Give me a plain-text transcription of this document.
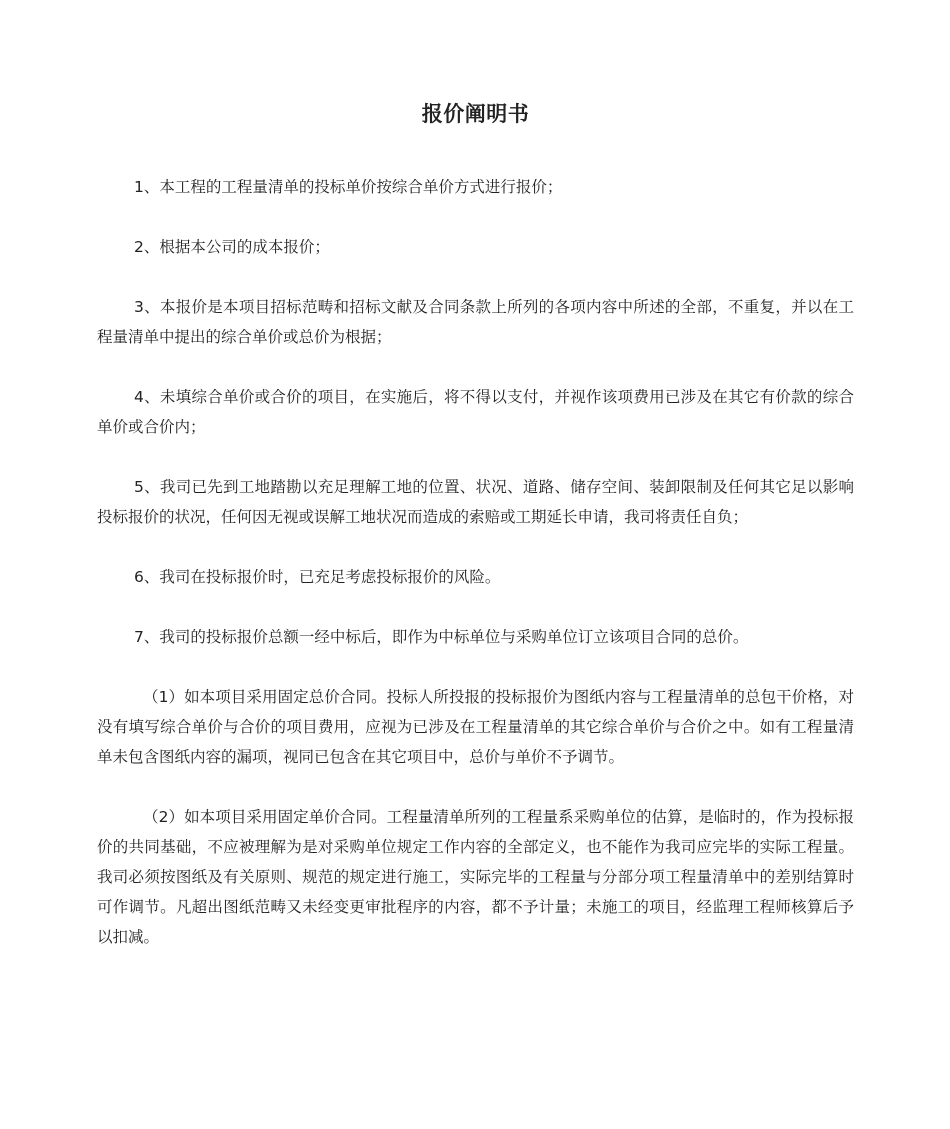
报价阐明书

1、本工程的工程量清单的投标单价按综合单价方式进行报价；

2、根据本公司的成本报价；

3、本报价是本项目招标范畴和招标文献及合同条款上所列的各项内容中所述的全部，不重复，并以在工程量清单中提出的综合单价或总价为根据；

4、未填综合单价或合价的项目，在实施后，将不得以支付，并视作该项费用已涉及在其它有价款的综合单价或合价内；

5、我司已先到工地踏勘以充足理解工地的位置、状况、道路、储存空间、装卸限制及任何其它足以影响投标报价的状况，任何因无视或误解工地状况而造成的索赔或工期延长申请，我司将责任自负；

6、我司在投标报价时，已充足考虑投标报价的风险。

7、我司的投标报价总额一经中标后，即作为中标单位与采购单位订立该项目合同的总价。

（1）如本项目采用固定总价合同。投标人所投报的投标报价为图纸内容与工程量清单的总包干价格，对没有填写综合单价与合价的项目费用，应视为已涉及在工程量清单的其它综合单价与合价之中。如有工程量清单未包含图纸内容的漏项，视同已包含在其它项目中，总价与单价不予调节。

（2）如本项目采用固定单价合同。工程量清单所列的工程量系采购单位的估算，是临时的，作为投标报价的共同基础，不应被理解为是对采购单位规定工作内容的全部定义，也不能作为我司应完毕的实际工程量。我司必须按图纸及有关原则、规范的规定进行施工，实际完毕的工程量与分部分项工程量清单中的差别结算时可作调节。凡超出图纸范畴又未经变更审批程序的内容，都不予计量；未施工的项目，经监理工程师核算后予以扣减。
